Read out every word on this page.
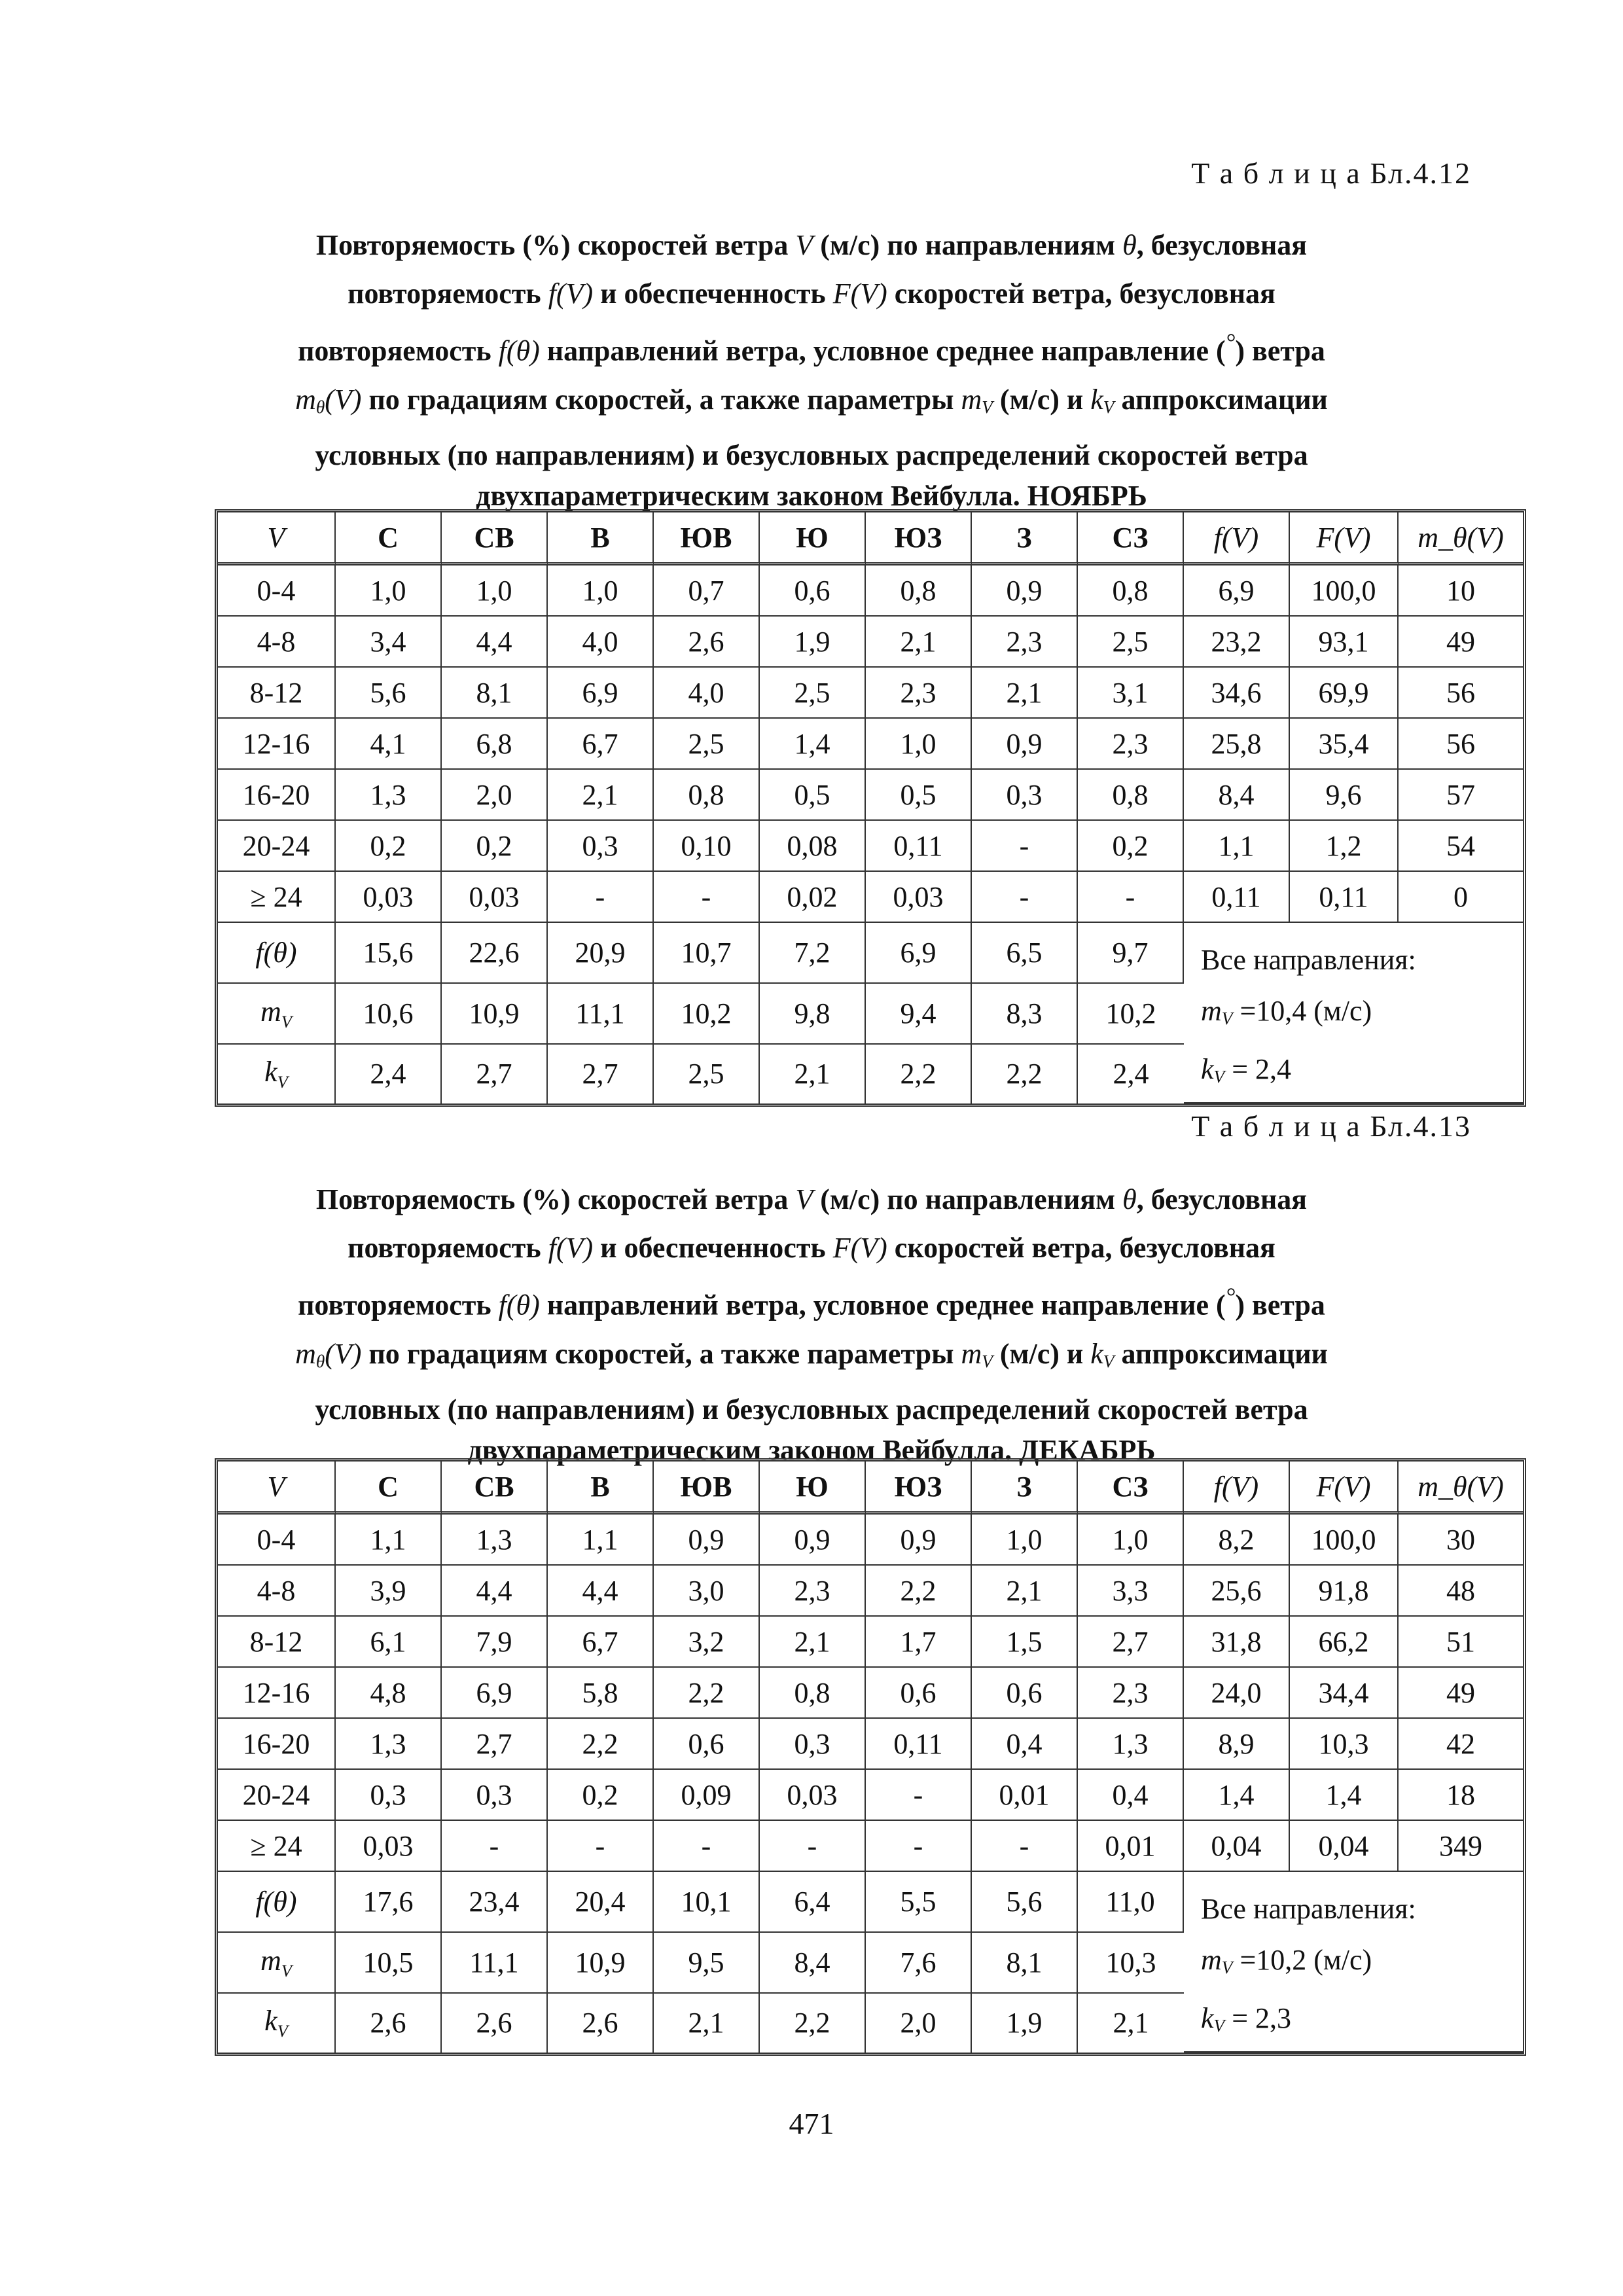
Т а б л и ц а Бл.4.12
Повторяемость (%) скоростей ветра V (м/с) по направлениям θ, безусловная
повторяемость f(V) и обеспеченность F(V) скоростей ветра, безусловная
повторяемость f(θ) направлений ветра, условное среднее направление (°) ветра
$m_\theta(V)$ по градациям скоростей, а также параметры $m_V$ (м/с) и $k_V$ аппроксимации
условных (по направлениям) и безусловных распределений скоростей ветра
двухпараметрическим законом Вейбулла. НОЯБРЬ
V	С	СВ	В	ЮВ	Ю	ЮЗ	З	СЗ	f(V)	F(V)	m_θ(V)
0-4	1,0	1,0	1,0	0,7	0,6	0,8	0,9	0,8	6,9	100,0	10
4-8	3,4	4,4	4,0	2,6	1,9	2,1	2,3	2,5	23,2	93,1	49
8-12	5,6	8,1	6,9	4,0	2,5	2,3	2,1	3,1	34,6	69,9	56
12-16	4,1	6,8	6,7	2,5	1,4	1,0	0,9	2,3	25,8	35,4	56
16-20	1,3	2,0	2,1	0,8	0,5	0,5	0,3	0,8	8,4	9,6	57
20-24	0,2	0,2	0,3	0,10	0,08	0,11	-	0,2	1,1	1,2	54
≥ 24	0,03	0,03	-	-	0,02	0,03	-	-	0,11	0,11	0
f(θ)	15,6	22,6	20,9	10,7	7,2	6,9	6,5	9,7	Все направления:
$m_V =10,4$ (м/с)
$k_V = 2,4$		

$m_V$	10,6	10,9	11,1	10,2	9,8	9,4	8,3	10,2			
$k_V$	2,4	2,7	2,7	2,5	2,1	2,2	2,2	2,4			
Т а б л и ц а Бл.4.13
Повторяемость (%) скоростей ветра V (м/с) по направлениям θ, безусловная
повторяемость f(V) и обеспеченность F(V) скоростей ветра, безусловная
повторяемость f(θ) направлений ветра, условное среднее направление (°) ветра
$m_\theta(V)$ по градациям скоростей, а также параметры $m_V$ (м/с) и $k_V$ аппроксимации
условных (по направлениям) и безусловных распределений скоростей ветра
двухпараметрическим законом Вейбулла. ДЕКАБРЬ
V	С	СВ	В	ЮВ	Ю	ЮЗ	З	СЗ	f(V)	F(V)	m_θ(V)
0-4	1,1	1,3	1,1	0,9	0,9	0,9	1,0	1,0	8,2	100,0	30
4-8	3,9	4,4	4,4	3,0	2,3	2,2	2,1	3,3	25,6	91,8	48
8-12	6,1	7,9	6,7	3,2	2,1	1,7	1,5	2,7	31,8	66,2	51
12-16	4,8	6,9	5,8	2,2	0,8	0,6	0,6	2,3	24,0	34,4	49
16-20	1,3	2,7	2,2	0,6	0,3	0,11	0,4	1,3	8,9	10,3	42
20-24	0,3	0,3	0,2	0,09	0,03	-	0,01	0,4	1,4	1,4	18
≥ 24	0,03	-	-	-	-	-	-	0,01	0,04	0,04	349
f(θ)	17,6	23,4	20,4	10,1	6,4	5,5	5,6	11,0	Все направления:
$m_V =10,2$ (м/с)
$k_V = 2,3$		

$m_V$	10,5	11,1	10,9	9,5	8,4	7,6	8,1	10,3			
$k_V$	2,6	2,6	2,6	2,1	2,2	2,0	1,9	2,1			
471
